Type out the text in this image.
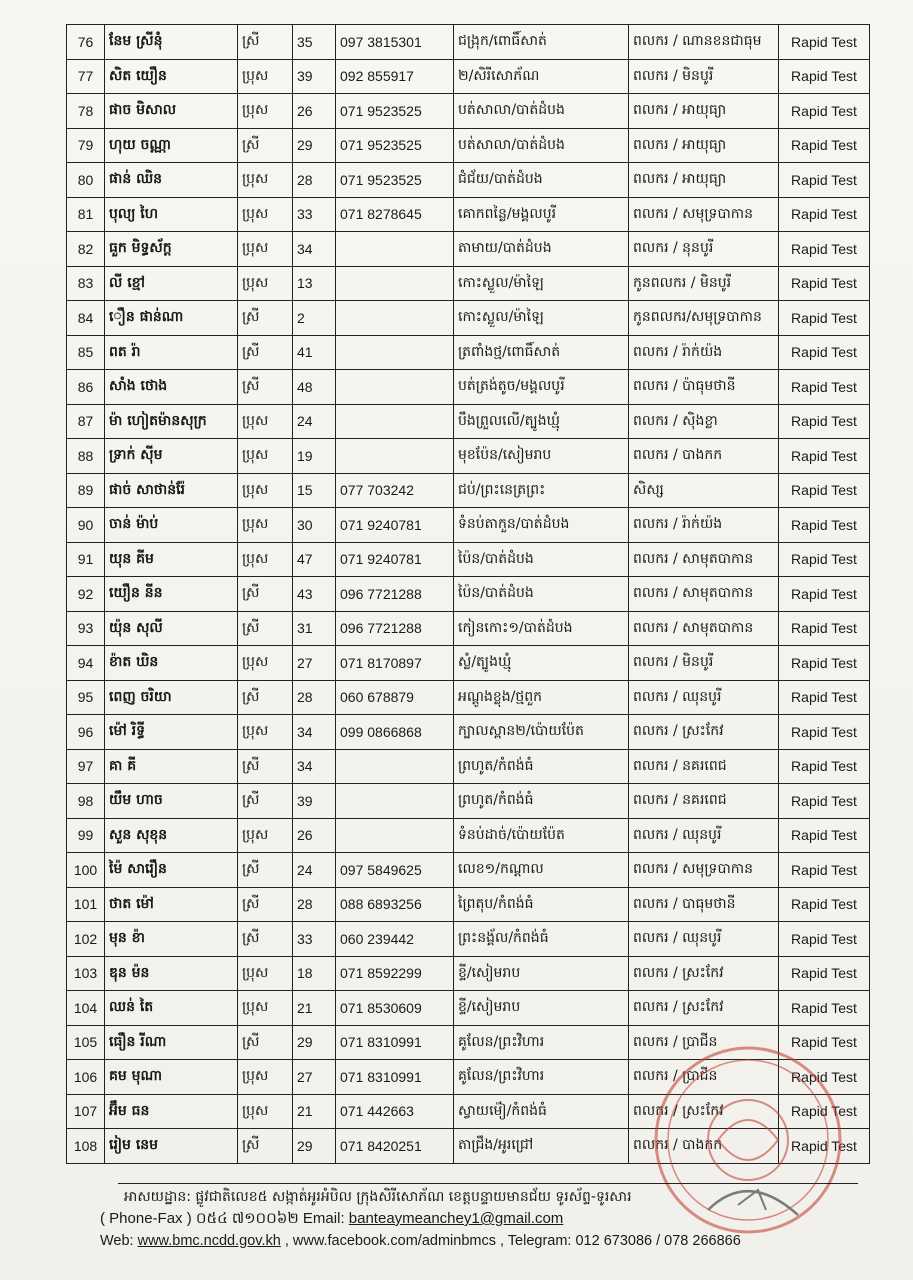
76	នែម ស្រីនុំ	ស្រី	35	097 3815301	ជង្រុក/ពោធិ៍សាត់	ពលករ / ណានខនជាធុម	Rapid Test
77	សិត យឿន	ប្រុស	39	092 855917	២/សិរីសោភ័ណ	ពលករ / មិនបូរី	Rapid Test
78	ផាច មិសាល	ប្រុស	26	071 9523525	បត់សាលា/បាត់ដំបង	ពលករ / អាយុធ្យា	Rapid Test
79	ហុយ ចណ្ណា	ស្រី	29	071 9523525	បត់សាលា/បាត់ដំបង	ពលករ / អាយុធ្យា	Rapid Test
80	ផាន់ ឈិន	ប្រុស	28	071 9523525	ជំជ័យ/បាត់ដំបង	ពលករ / អាយុធ្យា	Rapid Test
81	បុល្យ ហៃ	ប្រុស	33	071 8278645	គោកពន្លៃ/មង្គលបូរី	ពលករ / សមុទ្របាកាន	Rapid Test
82	ធួក មិទ្ធស័ក្ដ	ប្រុស	34		តាមាយ/បាត់ដំបង	ពលករ / នុនបូរី	Rapid Test
83	លី ខ្មៅ	ប្រុស	13		កោះស្លួល/ម៉ាឡៃ	កូនពលករ / មិនបូរី	Rapid Test
84	ឿន ផាន់ណា	ស្រី	2		កោះស្លួល/ម៉ាឡៃ	កូនពលករ/សមុទ្របាកាន	Rapid Test
85	ពត រ៉ា	ស្រី	41		ត្រពាំងថ្ម/ពោធិ៍សាត់	ពលករ / រ៉ាក់យ៉ង	Rapid Test
86	សាំង ថោង	ស្រី	48		បត់ត្រង់តូច/មង្គលបូរី	ពលករ / ប៉ាធុមថានី	Rapid Test
87	ម៉ា ហៀតម៉ានសុក្រ	ប្រុស	24		បឹងព្រួលលើ/ត្បូងឃ្មុំ	ពលករ / ស៊ិងខ្លា	Rapid Test
88	ទ្រាក់ ស៊ីម	ប្រុស	19		មុខប៉ែន/សៀមរាប	ពលករ / បាងកក	Rapid Test
89	ផាច់ សាថាន់រ៉ែ	ប្រុស	15	077 703242	ជប់/ព្រះនេត្រព្រះ	សិស្ស	Rapid Test
90	ចាន់ ម៉ាប់	ប្រុស	30	071 9240781	ទំនប់តាកួន/បាត់ដំបង	ពលករ / រ៉ាក់យ៉ង	Rapid Test
91	យុន គីម	ប្រុស	47	071 9240781	ប៉ៃន/បាត់ដំបង	ពលករ / សាមុតបាកាន	Rapid Test
92	យឿន នីន	ស្រី	43	096 7721288	ប៉ៃន/បាត់ដំបង	ពលករ / សាមុតបាកាន	Rapid Test
93	យ៉ុន សុលី	ស្រី	31	096 7721288	កៀនកោះ១/បាត់ដំបង	ពលករ / សាមុតបាកាន	Rapid Test
94	ខ៉ាត ឃិន	ប្រុស	27	071 8170897	ស្លំ/ត្បូងឃ្មុំ	ពលករ / មិនបូរី	Rapid Test
95	ពេញ ចរិយា	ស្រី	28	060 678879	អណ្ដូងខ្លុង/ថ្មពួក	ពលករ / ឈុនបូរី	Rapid Test
96	ម៉ៅ រិទ្ធី	ប្រុស	34	099 0866868	ក្បាលស្ពាន២/ប៉ោយប៉ែត	ពលករ / ស្រះកែវ	Rapid Test
97	គា គី	ស្រី	34		ព្រហូត/កំពង់ធំ	ពលករ / នគរពេជ	Rapid Test
98	យឹម ហាច	ស្រី	39		ព្រហូត/កំពង់ធំ	ពលករ / នគរពេជ	Rapid Test
99	សួន សុខុន	ប្រុស	26		ទំនប់ដាច់/ប៉ោយប៉ែត	ពលករ / ឈុនបូរី	Rapid Test
100	ម៉ៃ សារឿន	ស្រី	24	097 5849625	លេខ១/កណ្ដាល	ពលករ / សមុទ្របាកាន	Rapid Test
101	ថាត ម៉ៅ	ស្រី	28	088 6893256	ព្រៃតុប/កំពង់ធំ	ពលករ / បាធុមថានី	Rapid Test
102	មុន ខ៉ា	ស្រី	33	060 239442	ព្រះនង្គ័ល/កំពង់ធំ	ពលករ / ឈុនបូរី	Rapid Test
103	ឌុន ម៉ន	ប្រុស	18	071 8592299	ខ្ទី/សៀមរាប	ពលករ / ស្រះកែវ	Rapid Test
104	ឈន់ តៃ	ប្រុស	21	071 8530609	ខ្ទី/សៀមរាប	ពលករ / ស្រះកែវ	Rapid Test
105	ធឿន រីណា	ស្រី	29	071 8310991	គូលែន/ព្រះវិហារ	ពលករ / ប្រាជីន	Rapid Test
106	គម មុណា	ប្រុស	27	071 8310991	គូលែន/ព្រះវិហារ	ពលករ / ប្រាជីន	Rapid Test
107	អ៊ឹម ធន	ប្រុស	21	071 442663	ស្វាយម៉ៀ/កំពង់ធំ	ពលករ / ស្រះកែវ	Rapid Test
108	រៀម នេម	ស្រី	29	071 8420251	តាជ្រឹង/អូរជ្រៅ	ពលករ / បាងកក	Rapid Test
អាសយដ្ឋាន: ផ្លូវជាតិលេខ៥ សង្កាត់អូរអំបិល ក្រុងសិរីសោភ័ណ ខេត្តបន្ទាយមានជ័យ ទូរស័ព្ទ-ទូរសារ
( Phone-Fax ) ០៥៤ ៧១០០៦២ Email: banteaymeanchey1@gmail.com
Web: www.bmc.ncdd.gov.kh , www.facebook.com/adminbmcs , Telegram: 012 673086 / 078 266866
